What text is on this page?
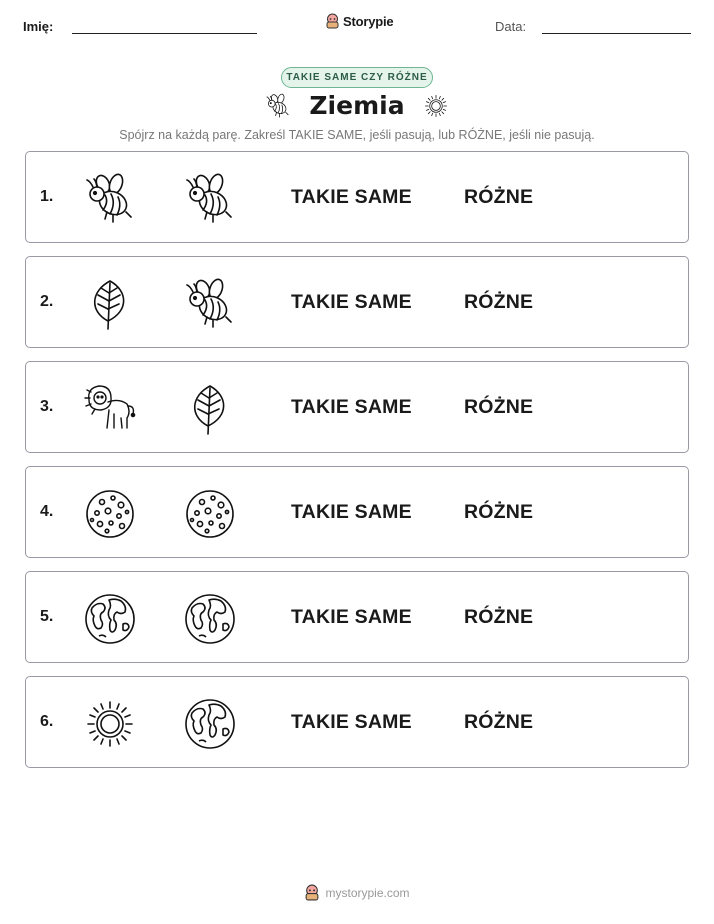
Imię:	Storypie	Data:
TAKIE SAME CZY RÓŻNE
Ziemia
Spójrz na każdą parę. Zakreśl TAKIE SAME, jeśli pasują, lub RÓŻNE, jeśli nie pasują.
1.	TAKIE SAME	RÓŻNE
2.	TAKIE SAME	RÓŻNE
3.	TAKIE SAME	RÓŻNE
4.	TAKIE SAME	RÓŻNE
5.	TAKIE SAME	RÓŻNE
6.	TAKIE SAME	RÓŻNE
mystorypie.com
